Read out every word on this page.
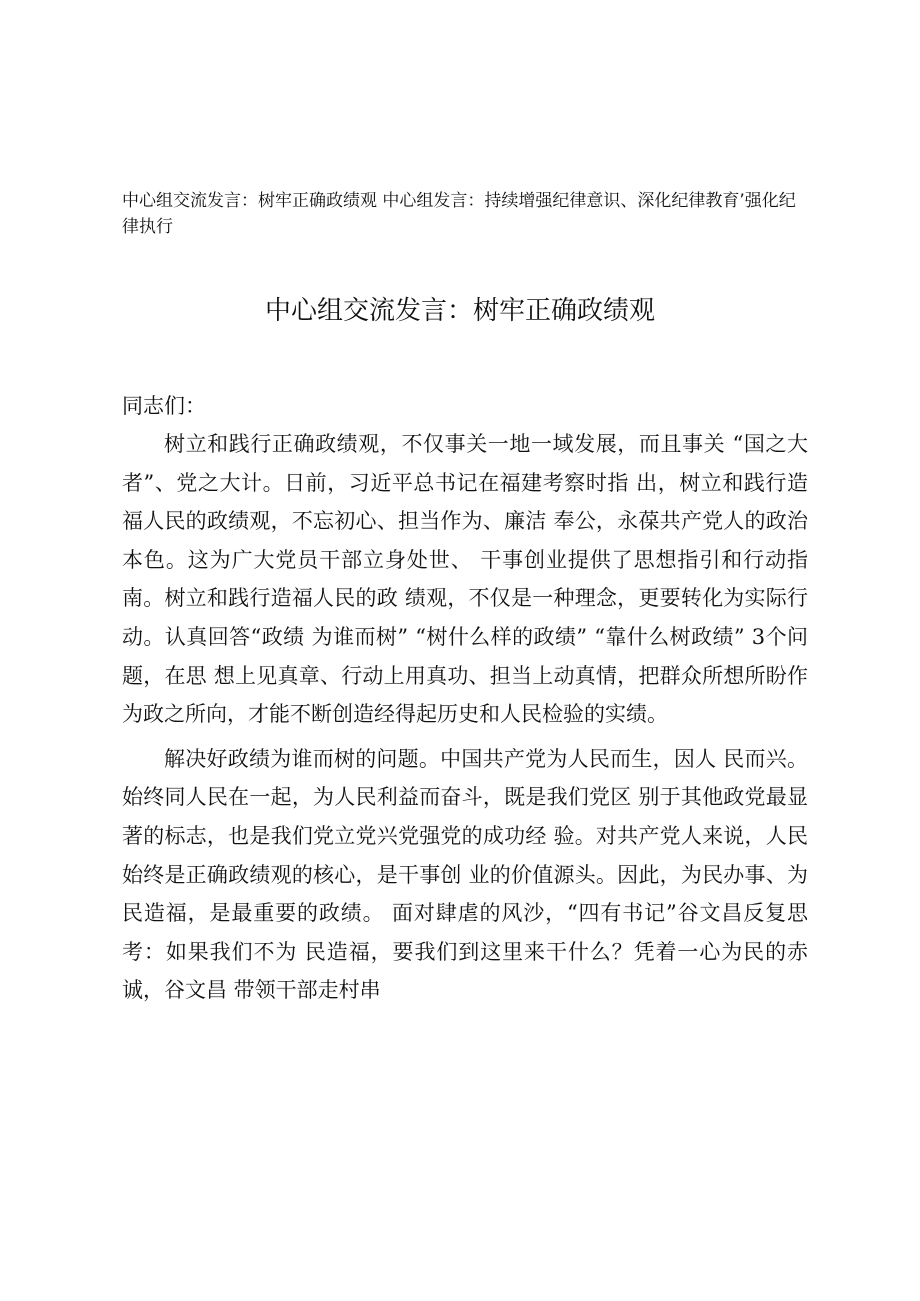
中心组交流发言：树牢正确政绩观 中心组发言：持续增强纪律意识、深化纪律教育’强化纪律执行
中心组交流发言：树牢正确政绩观

同志们：

树立和践行正确政绩观，不仅事关一地一域发展，而且事关 “国之大者”、党之大计。日前，习近平总书记在福建考察时指 出，树立和践行造福人民的政绩观，不忘初心、担当作为、廉洁 奉公，永葆共产党人的政治本色。这为广大党员干部立身处世、 干事创业提供了思想指引和行动指南。树立和践行造福人民的政 绩观，不仅是一种理念，更要转化为实际行动。认真回答“政绩 为谁而树” “树什么样的政绩” “靠什么树政绩” 3个问题，在思 想上见真章、行动上用真功、担当上动真情，把群众所想所盼作 为政之所向，才能不断创造经得起历史和人民检验的实绩。

解决好政绩为谁而树的问题。中国共产党为人民而生，因人 民而兴。始终同人民在一起，为人民利益而奋斗，既是我们党区 别于其他政党最显著的标志，也是我们党立党兴党强党的成功经 验。对共产党人来说，人民始终是正确政绩观的核心，是干事创 业的价值源头。因此，为民办事、为民造福，是最重要的政绩。 面对肆虐的风沙，“四有书记”谷文昌反复思考：如果我们不为 民造福，要我们到这里来干什么？凭着一心为民的赤诚，谷文昌 带领干部走村串
